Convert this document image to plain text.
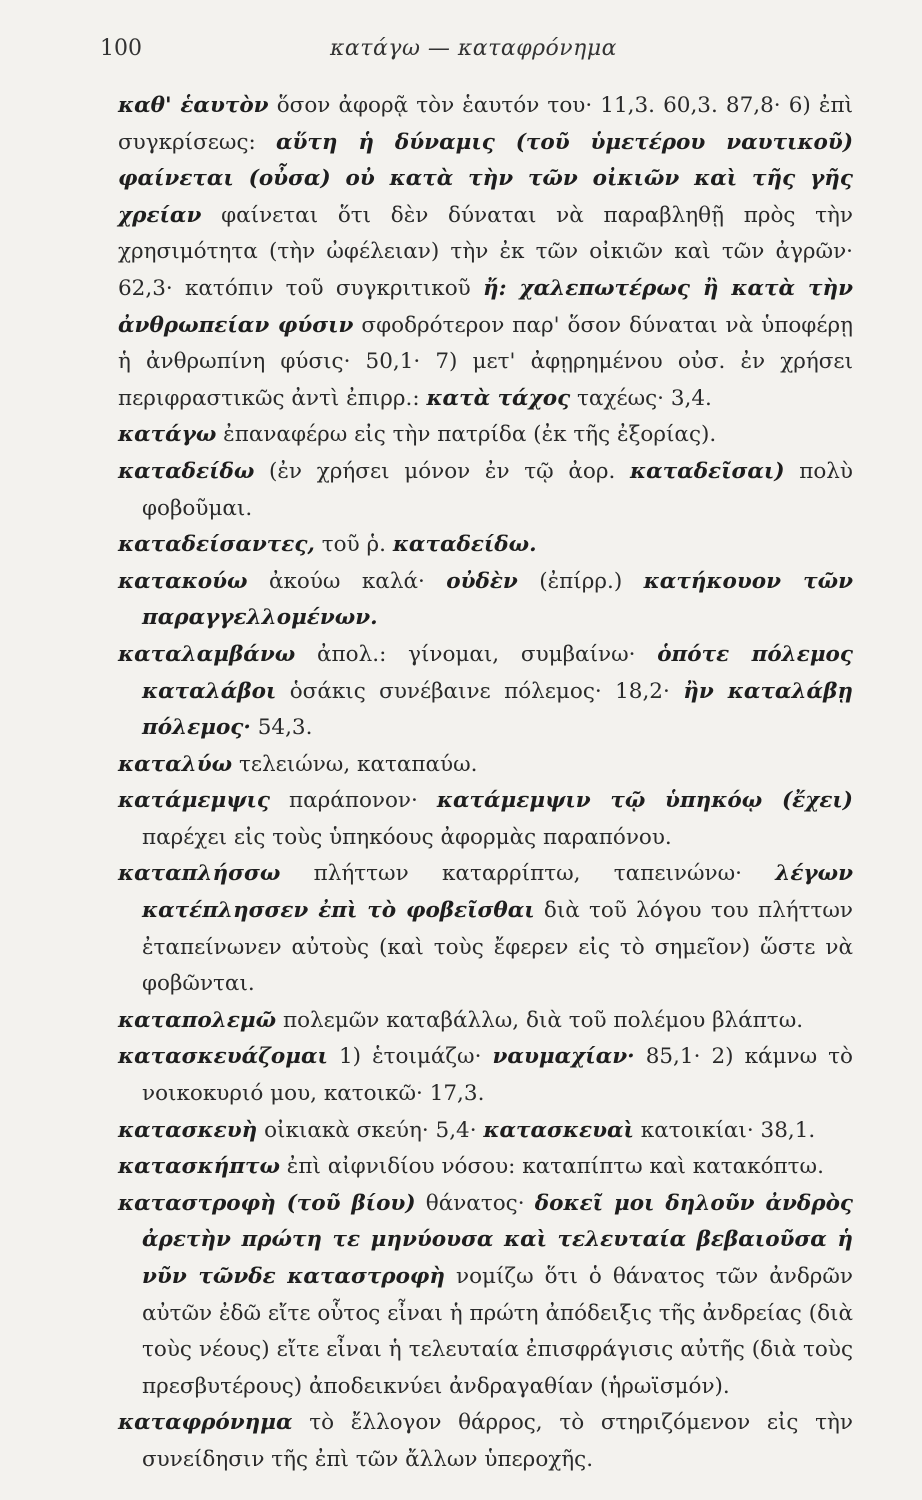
100	κατάγω — καταφρόνημα

καθ' ἑαυτὸν ὅσον ἀφορᾷ τὸν ἑαυτόν του· 11,3. 60,3. 87,8· 6) ἐπὶ συγκρίσεως: αὕτη ἡ δύναμις (τοῦ ὑμετέρου ναυτικοῦ) φαίνεται (οὖσα) οὐ κατὰ τὴν τῶν οἰκιῶν καὶ τῆς γῆς χρείαν φαίνεται ὅτι δὲν δύναται νὰ παραβληθῇ πρὸς τὴν χρησιμότητα (τὴν ὠφέλειαν) τὴν ἐκ τῶν οἰκιῶν καὶ τῶν ἀγρῶν· 62,3· κατόπιν τοῦ συγκριτικοῦ ἤ: χαλεπωτέρως ἢ κατὰ τὴν ἀνθρωπείαν φύσιν σφοδρότερον παρ' ὅσον δύναται νὰ ὑποφέρῃ ἡ ἀνθρωπίνη φύσις· 50,1· 7) μετ' ἀφῃρημένου οὐσ. ἐν χρήσει περιφραστικῶς ἀντὶ ἐπιρρ.: κατὰ τάχος ταχέως· 3,4.

κατάγω ἐπαναφέρω εἰς τὴν πατρίδα (ἐκ τῆς ἐξορίας).

καταδείδω (ἐν χρήσει μόνον ἐν τῷ ἀορ. καταδεῖσαι) πολὺ φοβοῦμαι.

καταδείσαντες, τοῦ ῥ. καταδείδω.

κατακούω ἀκούω καλά· οὐδὲν (ἐπίρρ.) κατήκουον τῶν παραγγελλομένων.

καταλαμβάνω ἀπολ.: γίνομαι, συμβαίνω· ὁπότε πόλεμος καταλάβοι ὁσάκις συνέβαινε πόλεμος· 18,2· ἢν καταλάβῃ πόλεμος· 54,3.

καταλύω τελειώνω, καταπαύω.

κατάμεμψις παράπονον· κατάμεμψιν τῷ ὑπηκόῳ (ἔχει) παρέχει εἰς τοὺς ὑπηκόους ἀφορμὰς παραπόνου.

καταπλήσσω πλήττων καταρρίπτω, ταπεινώνω· λέγων κατέπλησσεν ἐπὶ τὸ φοβεῖσθαι διὰ τοῦ λόγου του πλήττων ἐταπείνωνεν αὐτοὺς (καὶ τοὺς ἔφερεν εἰς τὸ σημεῖον) ὥστε νὰ φοβῶνται.

καταπολεμῶ πολεμῶν καταβάλλω, διὰ τοῦ πολέμου βλάπτω.

κατασκευάζομαι 1) ἑτοιμάζω· ναυμαχίαν· 85,1· 2) κάμνω τὸ νοικοκυριό μου, κατοικῶ· 17,3.

κατασκευὴ οἰκιακὰ σκεύη· 5,4· κατασκευαὶ κατοικίαι· 38,1.

κατασκήπτω ἐπὶ αἰφνιδίου νόσου: καταπίπτω καὶ κατακόπτω.

καταστροφὴ (τοῦ βίου) θάνατος· δοκεῖ μοι δηλοῦν ἀνδρὸς ἀρετὴν πρώτη τε μηνύουσα καὶ τελευταία βεβαιοῦσα ἡ νῦν τῶνδε καταστροφὴ νομίζω ὅτι ὁ θάνατος τῶν ἀνδρῶν αὐτῶν ἐδῶ εἴτε οὗτος εἶναι ἡ πρώτη ἀπόδειξις τῆς ἀνδρείας (διὰ τοὺς νέους) εἴτε εἶναι ἡ τελευταία ἐπισφράγισις αὐτῆς (διὰ τοὺς πρεσβυτέρους) ἀποδεικνύει ἀνδραγαθίαν (ἡρωϊσμόν).

καταφρόνημα τὸ ἔλλογον θάρρος, τὸ στηριζόμενον εἰς τὴν συνείδησιν τῆς ἐπὶ τῶν ἄλλων ὑπεροχῆς.
